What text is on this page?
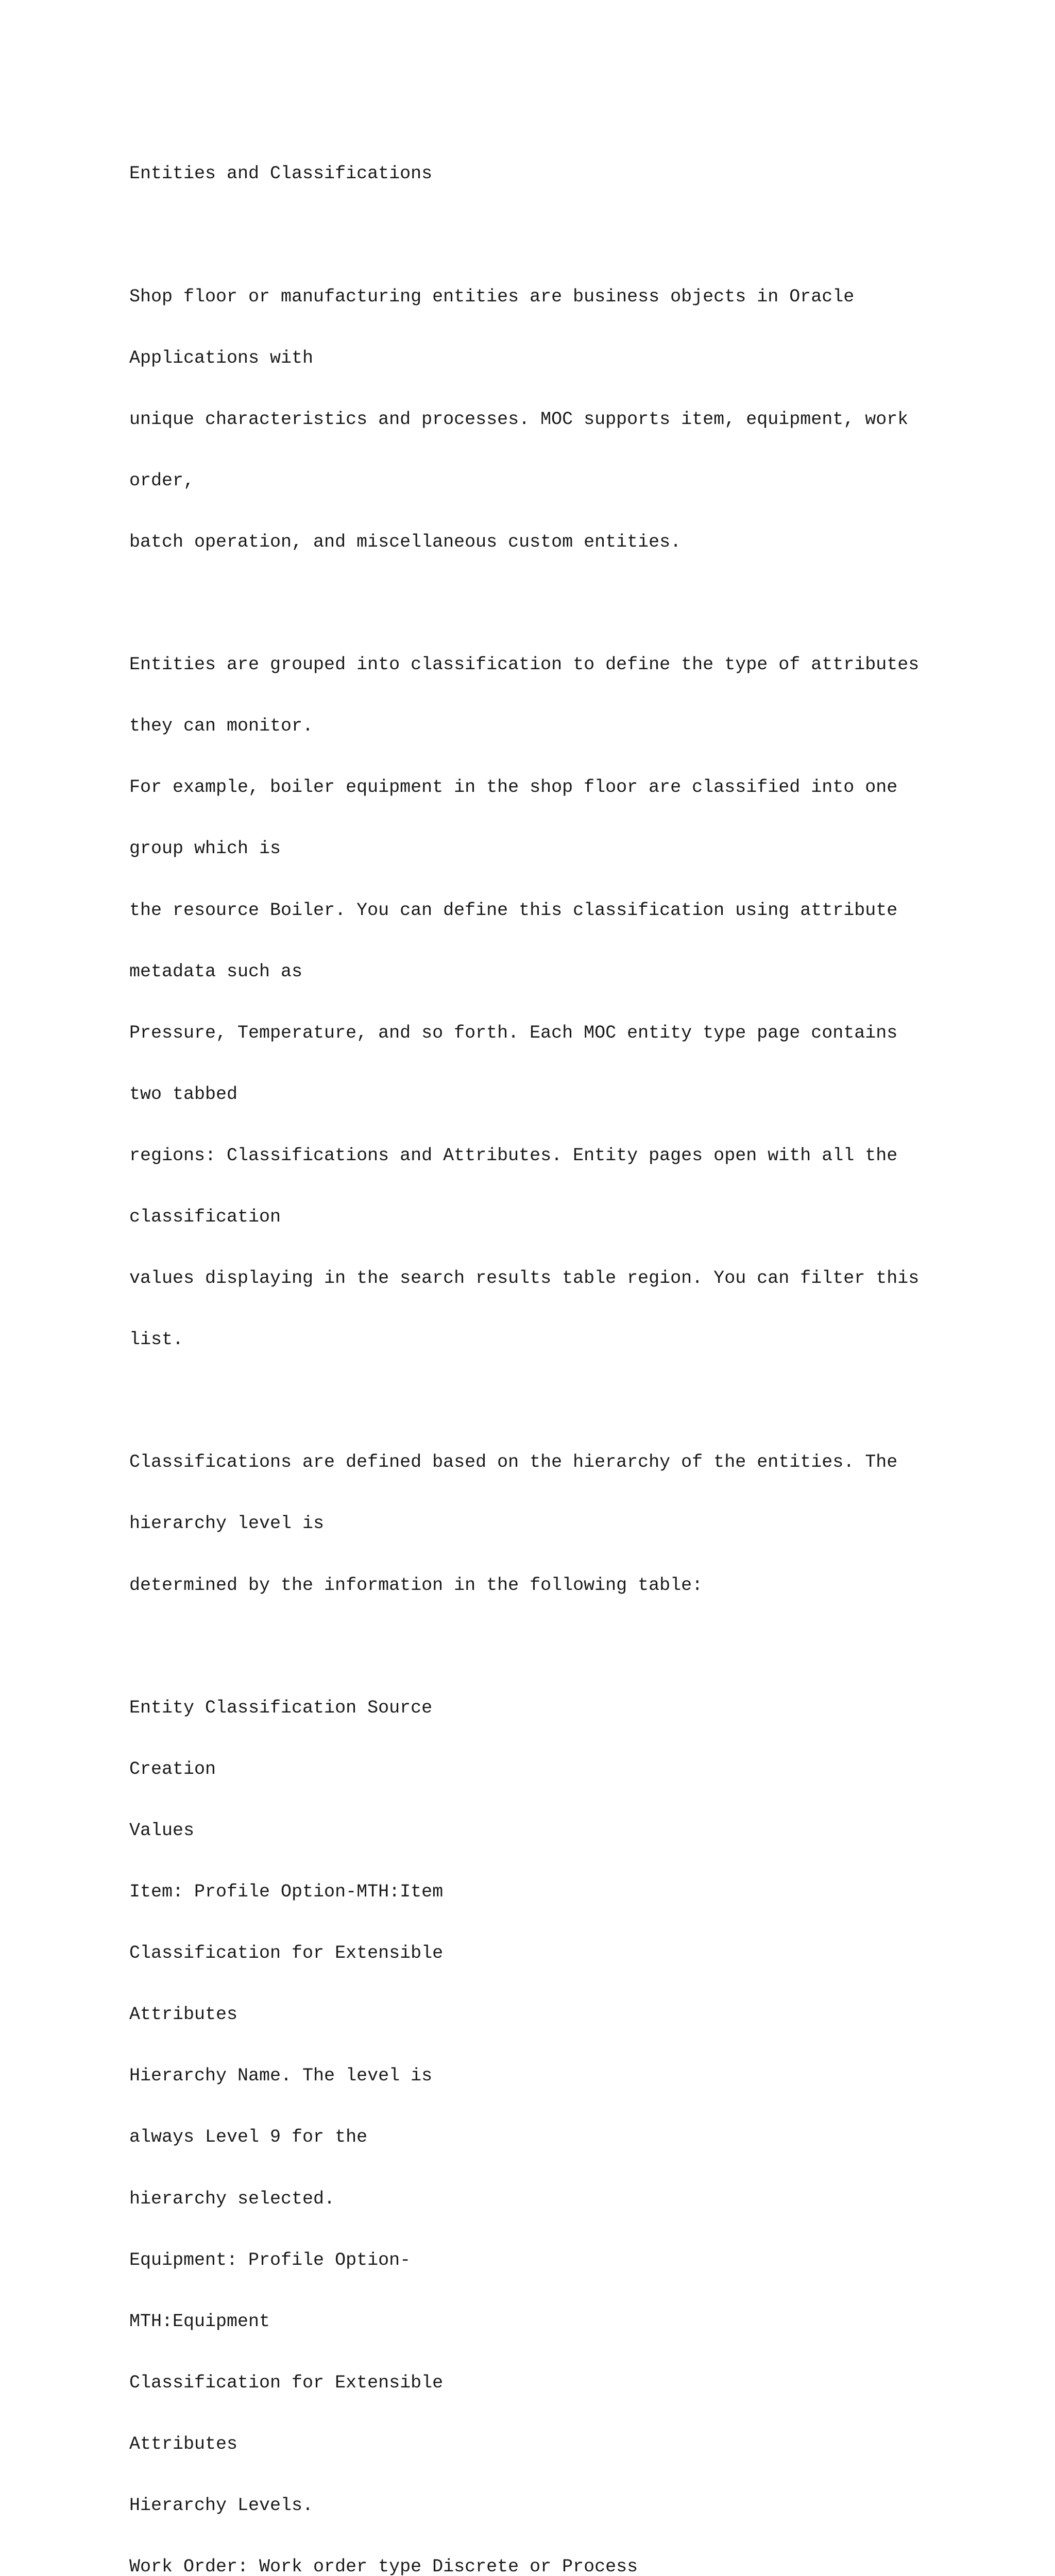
Entities and Classifications

Shop floor or manufacturing entities are business objects in Oracle

Applications with

unique characteristics and processes. MOC supports item, equipment, work

order,

batch operation, and miscellaneous custom entities.

Entities are grouped into classification to define the type of attributes

they can monitor.

For example, boiler equipment in the shop floor are classified into one

group which is

the resource Boiler. You can define this classification using attribute

metadata such as

Pressure, Temperature, and so forth. Each MOC entity type page contains

two tabbed

regions: Classifications and Attributes. Entity pages open with all the

classification

values displaying in the search results table region. You can filter this

list.

Classifications are defined based on the hierarchy of the entities. The

hierarchy level is

determined by the information in the following table:

Entity Classification Source

Creation

Values

Item: Profile Option-MTH:Item

Classification for Extensible

Attributes

Hierarchy Name. The level is

always Level 9 for the

hierarchy selected.

Equipment: Profile Option-

MTH:Equipment

Classification for Extensible

Attributes

Hierarchy Levels.

Work Order: Work order type Discrete or Process
